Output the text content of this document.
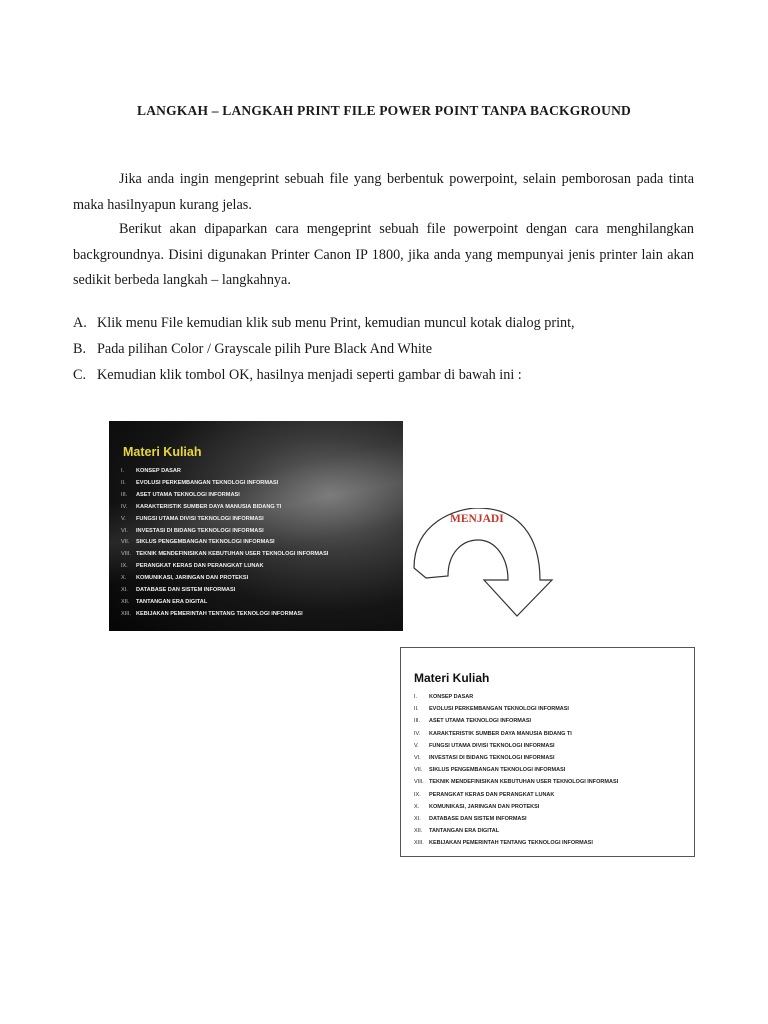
LANGKAH – LANGKAH PRINT FILE POWER POINT TANPA BACKGROUND
Jika anda ingin mengeprint sebuah file yang berbentuk powerpoint, selain pemborosan pada tinta maka hasilnyapun kurang jelas.
Berikut akan dipaparkan cara mengeprint sebuah file powerpoint dengan cara menghilangkan backgroundnya. Disini digunakan Printer Canon IP 1800, jika anda yang mempunyai jenis printer lain akan sedikit berbeda langkah – langkahnya.
A. Klik menu File kemudian klik sub menu Print, kemudian muncul kotak dialog print,
B. Pada pilihan Color / Grayscale pilih Pure Black And White
C. Kemudian klik tombol OK, hasilnya menjadi seperti gambar di bawah ini :
Materi Kuliah
I. KONSEP DASAR
II. EVOLUSI PERKEMBANGAN TEKNOLOGI INFORMASI
III. ASET UTAMA TEKNOLOGI INFORMASI
IV. KARAKTERISTIK SUMBER DAYA MANUSIA BIDANG TI
V. FUNGSI UTAMA DIVISI TEKNOLOGI INFORMASI
VI. INVESTASI DI BIDANG TEKNOLOGI INFORMASI
VII. SIKLUS PENGEMBANGAN TEKNOLOGI INFORMASI
VIII. TEKNIK MENDEFINISIKAN KEBUTUHAN USER TEKNOLOGI INFORMASI
IX. PERANGKAT KERAS DAN PERANGKAT LUNAK
X. KOMUNIKASI, JARINGAN DAN PROTEKSI
XI. DATABASE DAN SISTEM INFORMASI
XII. TANTANGAN ERA DIGITAL
XIII. KEBIJAKAN PEMERINTAH TENTANG TEKNOLOGI INFORMASI
MENJADI
Materi Kuliah
I. KONSEP DASAR
II. EVOLUSI PERKEMBANGAN TEKNOLOGI INFORMASI
III. ASET UTAMA TEKNOLOGI INFORMASI
IV. KARAKTERISTIK SUMBER DAYA MANUSIA BIDANG TI
V. FUNGSI UTAMA DIVISI TEKNOLOGI INFORMASI
VI. INVESTASI DI BIDANG TEKNOLOGI INFORMASI
VII. SIKLUS PENGEMBANGAN TEKNOLOGI INFORMASI
VIII. TEKNIK MENDEFINISIKAN KEBUTUHAN USER TEKNOLOGI INFORMASI
IX. PERANGKAT KERAS DAN PERANGKAT LUNAK
X. KOMUNIKASI, JARINGAN DAN PROTEKSI
XI. DATABASE DAN SISTEM INFORMASI
XII. TANTANGAN ERA DIGITAL
XIII. KEBIJAKAN PEMERINTAH TENTANG TEKNOLOGI INFORMASI
